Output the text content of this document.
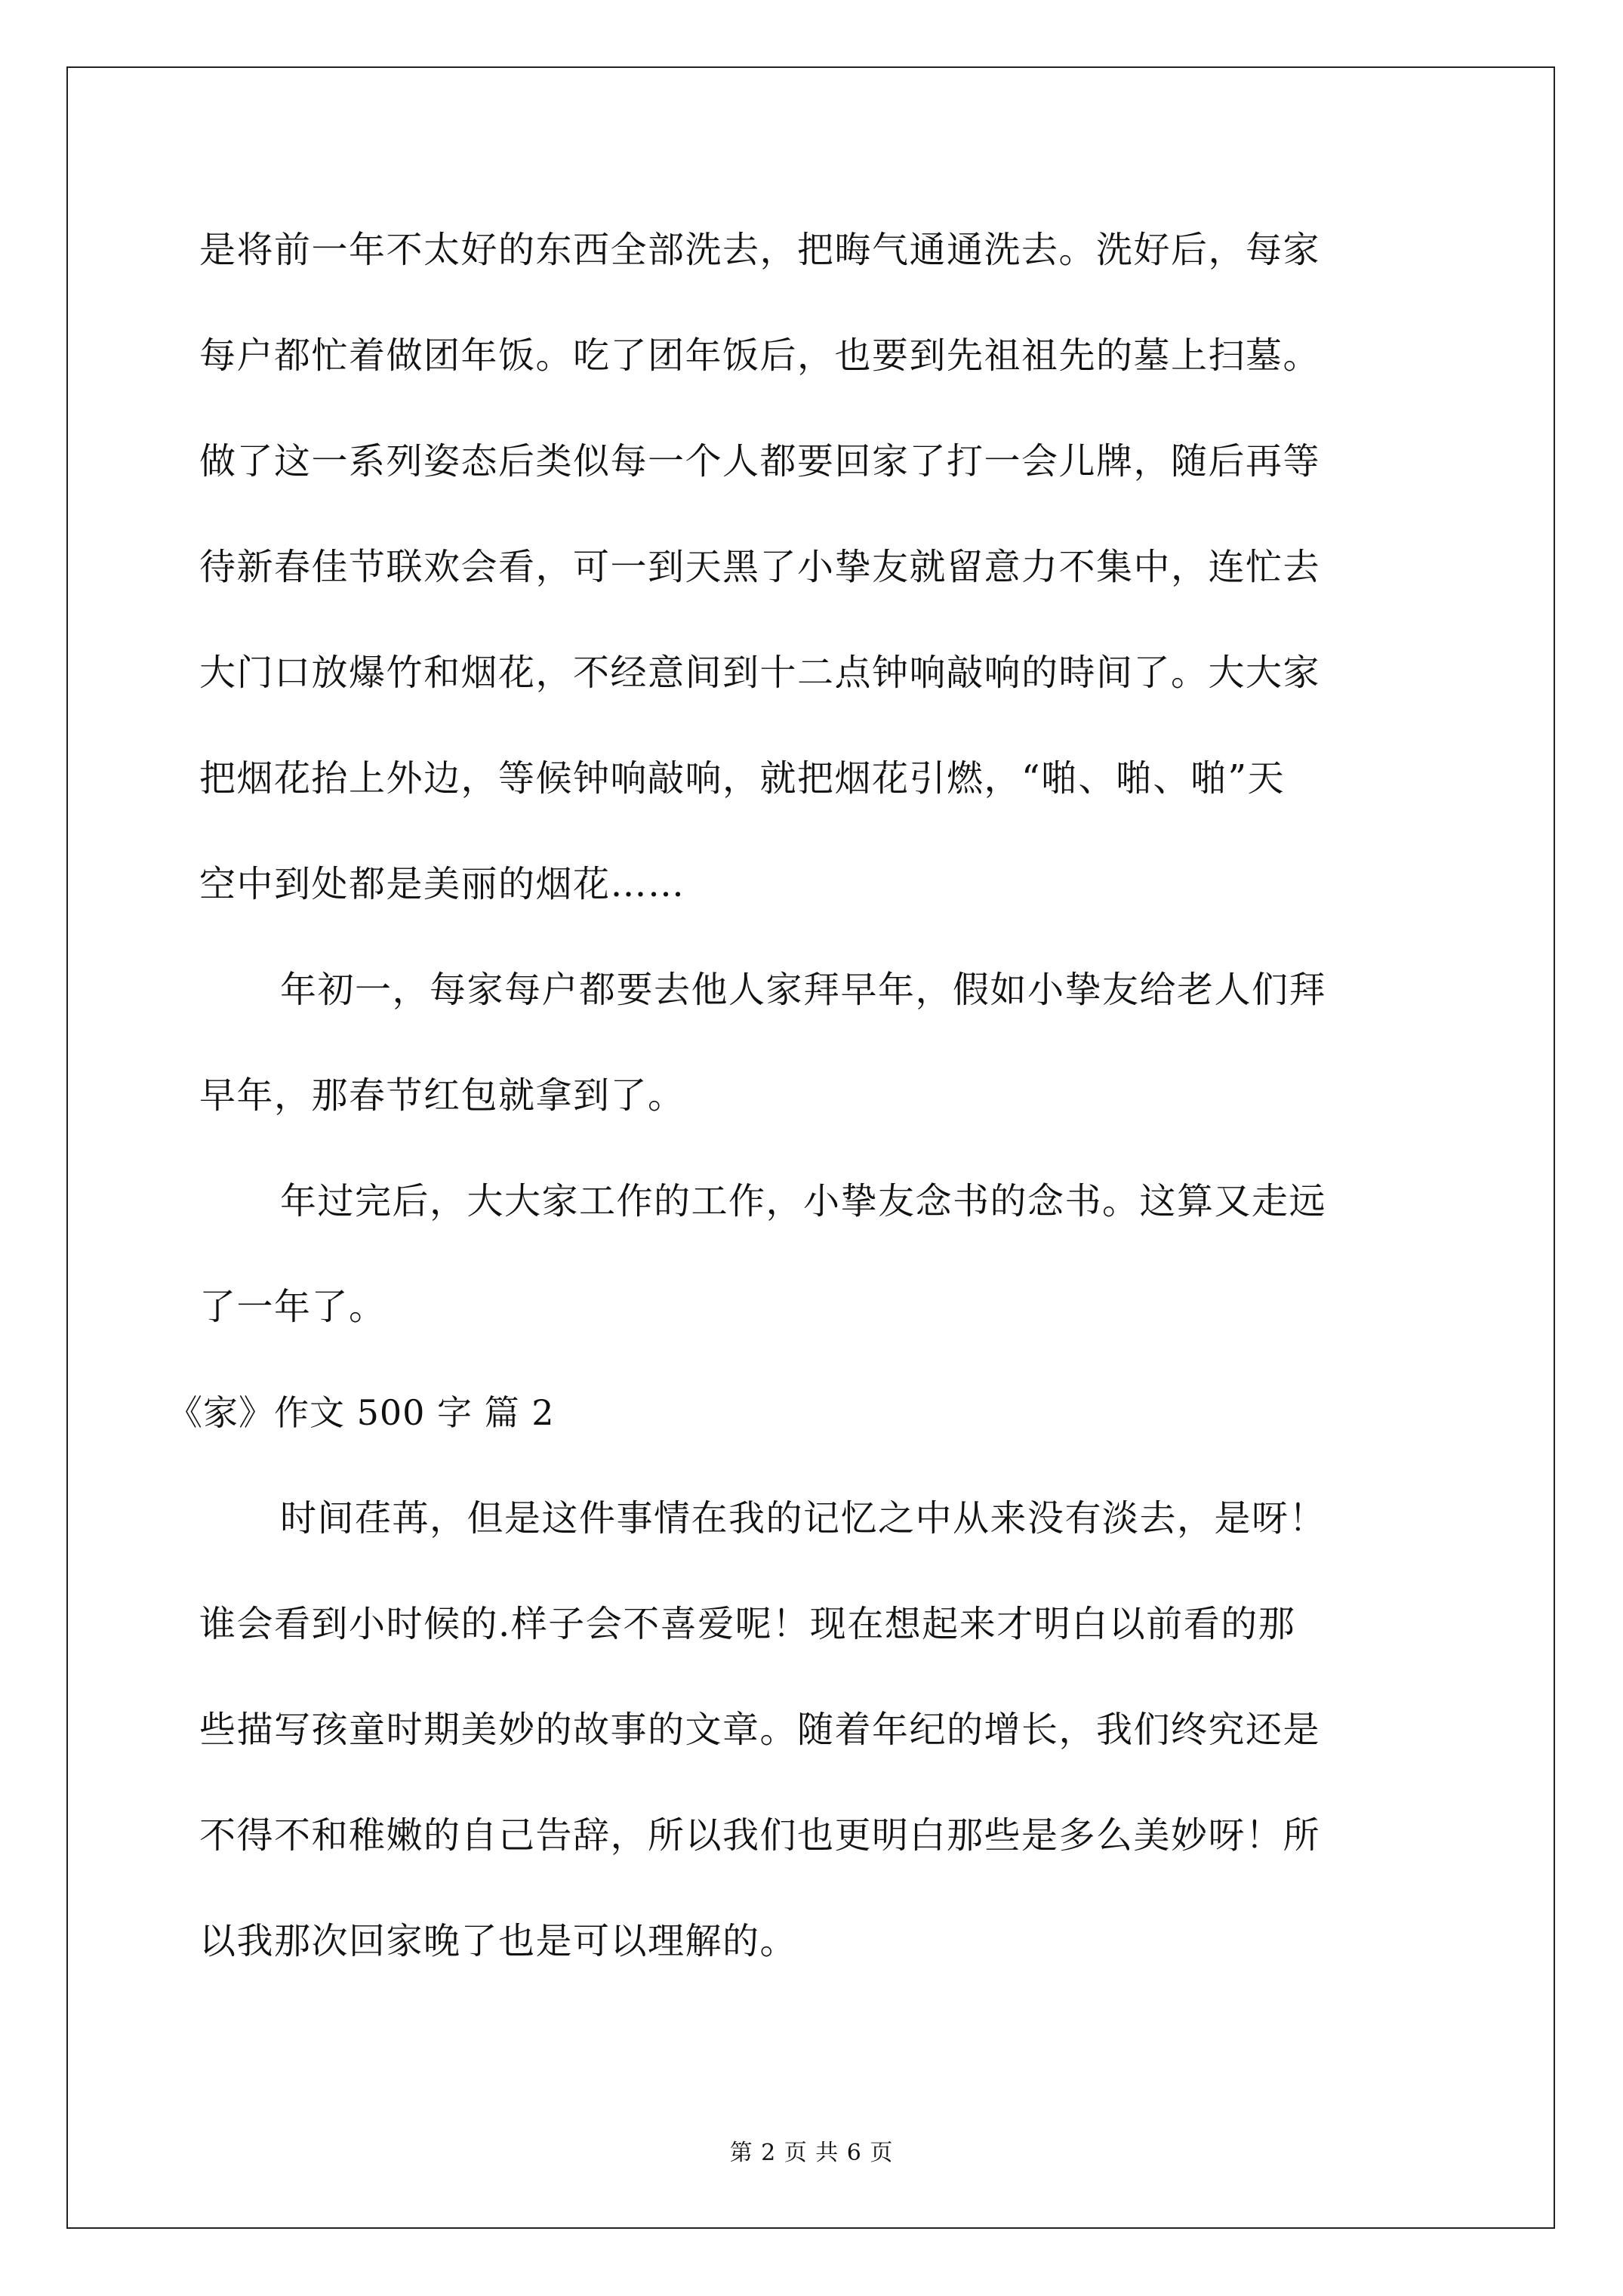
是将前一年不太好的东西全部洗去，把晦气通通洗去。洗好后，每家
每户都忙着做团年饭。吃了团年饭后，也要到先祖祖先的墓上扫墓。
做了这一系列姿态后类似每一个人都要回家了打一会儿牌，随后再等
待新春佳节联欢会看，可一到天黑了小挚友就留意力不集中，连忙去
大门口放爆竹和烟花，不经意间到十二点钟响敲响的時间了。大大家
把烟花抬上外边，等候钟响敲响，就把烟花引燃，“啪、啪、啪”天
空中到处都是美丽的烟花……
年初一，每家每户都要去他人家拜早年，假如小挚友给老人们拜
早年，那春节红包就拿到了。
年过完后，大大家工作的工作，小挚友念书的念书。这算又走远
了一年了。
《家》作文 500 字 篇 2
时间荏苒，但是这件事情在我的记忆之中从来没有淡去，是呀！
谁会看到小时候的.样子会不喜爱呢！现在想起来才明白以前看的那
些描写孩童时期美妙的故事的文章。随着年纪的增长，我们终究还是
不得不和稚嫩的自己告辞，所以我们也更明白那些是多么美妙呀！所
以我那次回家晚了也是可以理解的。
第 2 页 共 6 页
